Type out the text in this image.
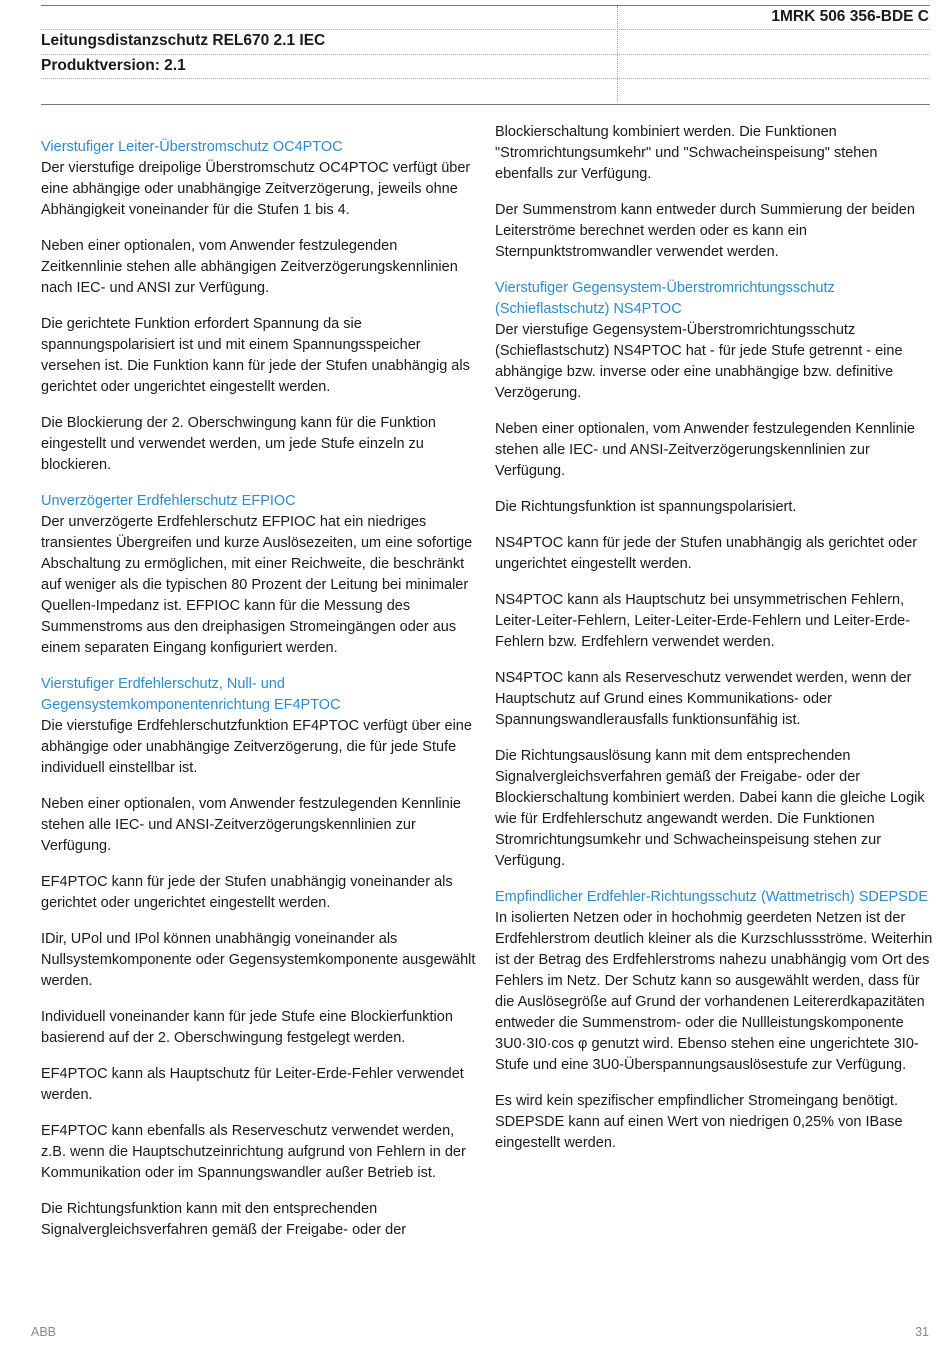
1MRK 506 356-BDE C
Leitungsdistanzschutz REL670 2.1 IEC
Produktversion: 2.1
Vierstufiger Leiter-Überstromschutz OC4PTOC

Der vierstufige dreipolige Überstromschutz OC4PTOC verfügt über eine abhängige oder unabhängige Zeitverzögerung, jeweils ohne Abhängigkeit voneinander für die Stufen 1 bis 4.

Neben einer optionalen, vom Anwender festzulegenden Zeitkennlinie stehen alle abhängigen Zeitverzögerungskennlinien nach IEC- und ANSI zur Verfügung.

Die gerichtete Funktion erfordert Spannung da sie spannungspolarisiert ist und mit einem Spannungsspeicher versehen ist. Die Funktion kann für jede der Stufen unabhängig als gerichtet oder ungerichtet eingestellt werden.

Die Blockierung der 2. Oberschwingung kann für die Funktion eingestellt und verwendet werden, um jede Stufe einzeln zu blockieren.

Unverzögerter Erdfehlerschutz EFPIOC

Der unverzögerte Erdfehlerschutz EFPIOC hat ein niedriges transientes Übergreifen und kurze Auslösezeiten, um eine sofortige Abschaltung zu ermöglichen, mit einer Reichweite, die beschränkt auf weniger als die typischen 80 Prozent der Leitung bei minimaler Quellen-Impedanz ist. EFPIOC kann für die Messung des Summenstroms aus den dreiphasigen Stromeingängen oder aus einem separaten Eingang konfiguriert werden.

Vierstufiger Erdfehlerschutz, Null- und Gegensystemkomponentenrichtung EF4PTOC

Die vierstufige Erdfehlerschutzfunktion EF4PTOC verfügt über eine abhängige oder unabhängige Zeitverzögerung, die für jede Stufe individuell einstellbar ist.

Neben einer optionalen, vom Anwender festzulegenden Kennlinie stehen alle IEC- und ANSI-Zeitverzögerungskennlinien zur Verfügung.

EF4PTOC kann für jede der Stufen unabhängig voneinander als gerichtet oder ungerichtet eingestellt werden.

IDir, UPol und IPol können unabhängig voneinander als Nullsystemkomponente oder Gegensystemkomponente ausgewählt werden.

Individuell voneinander kann für jede Stufe eine Blockierfunktion basierend auf der 2. Oberschwingung festgelegt werden.

EF4PTOC kann als Hauptschutz für Leiter-Erde-Fehler verwendet werden.

EF4PTOC kann ebenfalls als Reserveschutz verwendet werden, z.B. wenn die Hauptschutzeinrichtung aufgrund von Fehlern in der Kommunikation oder im Spannungswandler außer Betrieb ist.

Die Richtungsfunktion kann mit den entsprechenden Signalvergleichsverfahren gemäß der Freigabe- oder der

Blockierschaltung kombiniert werden. Die Funktionen "Stromrichtungsumkehr" und "Schwacheinspeisung" stehen ebenfalls zur Verfügung.

Der Summenstrom kann entweder durch Summierung der beiden Leiterströme berechnet werden oder es kann ein Sternpunktstromwandler verwendet werden.

Vierstufiger Gegensystem-Überstromrichtungsschutz (Schieflastschutz) NS4PTOC

Der vierstufige Gegensystem-Überstromrichtungsschutz (Schieflastschutz) NS4PTOC hat - für jede Stufe getrennt - eine abhängige bzw. inverse oder eine unabhängige bzw. definitive Verzögerung.

Neben einer optionalen, vom Anwender festzulegenden Kennlinie stehen alle IEC- und ANSI-Zeitverzögerungskennlinien zur Verfügung.

Die Richtungsfunktion ist spannungspolarisiert.

NS4PTOC kann für jede der Stufen unabhängig als gerichtet oder ungerichtet eingestellt werden.

NS4PTOC kann als Hauptschutz bei unsymmetrischen Fehlern, Leiter-Leiter-Fehlern, Leiter-Leiter-Erde-Fehlern und Leiter-Erde-Fehlern bzw. Erdfehlern verwendet werden.

NS4PTOC kann als Reserveschutz verwendet werden, wenn der Hauptschutz auf Grund eines Kommunikations- oder Spannungswandlerausfalls funktionsunfähig ist.

Die Richtungsauslösung kann mit dem entsprechenden Signalvergleichsverfahren gemäß der Freigabe- oder der Blockierschaltung kombiniert werden. Dabei kann die gleiche Logik wie für Erdfehlerschutz angewandt werden. Die Funktionen Stromrichtungsumkehr und Schwacheinspeisung stehen zur Verfügung.

Empfindlicher Erdfehler-Richtungsschutz (Wattmetrisch) SDEPSDE

In isolierten Netzen oder in hochohmig geerdeten Netzen ist der Erdfehlerstrom deutlich kleiner als die Kurzschlussströme. Weiterhin ist der Betrag des Erdfehlerstroms nahezu unabhängig vom Ort des Fehlers im Netz. Der Schutz kann so ausgewählt werden, dass für die Auslösegröße auf Grund der vorhandenen Leitererdkapazitäten entweder die Summenstrom- oder die Nullleistungskomponente 3U0·3I0·cos φ genutzt wird. Ebenso stehen eine ungerichtete 3I0-Stufe und eine 3U0-Überspannungsauslösestufe zur Verfügung.

Es wird kein spezifischer empfindlicher Stromeingang benötigt. SDEPSDE kann auf einen Wert von niedrigen 0,25% von IBase eingestellt werden.

ABB	31
